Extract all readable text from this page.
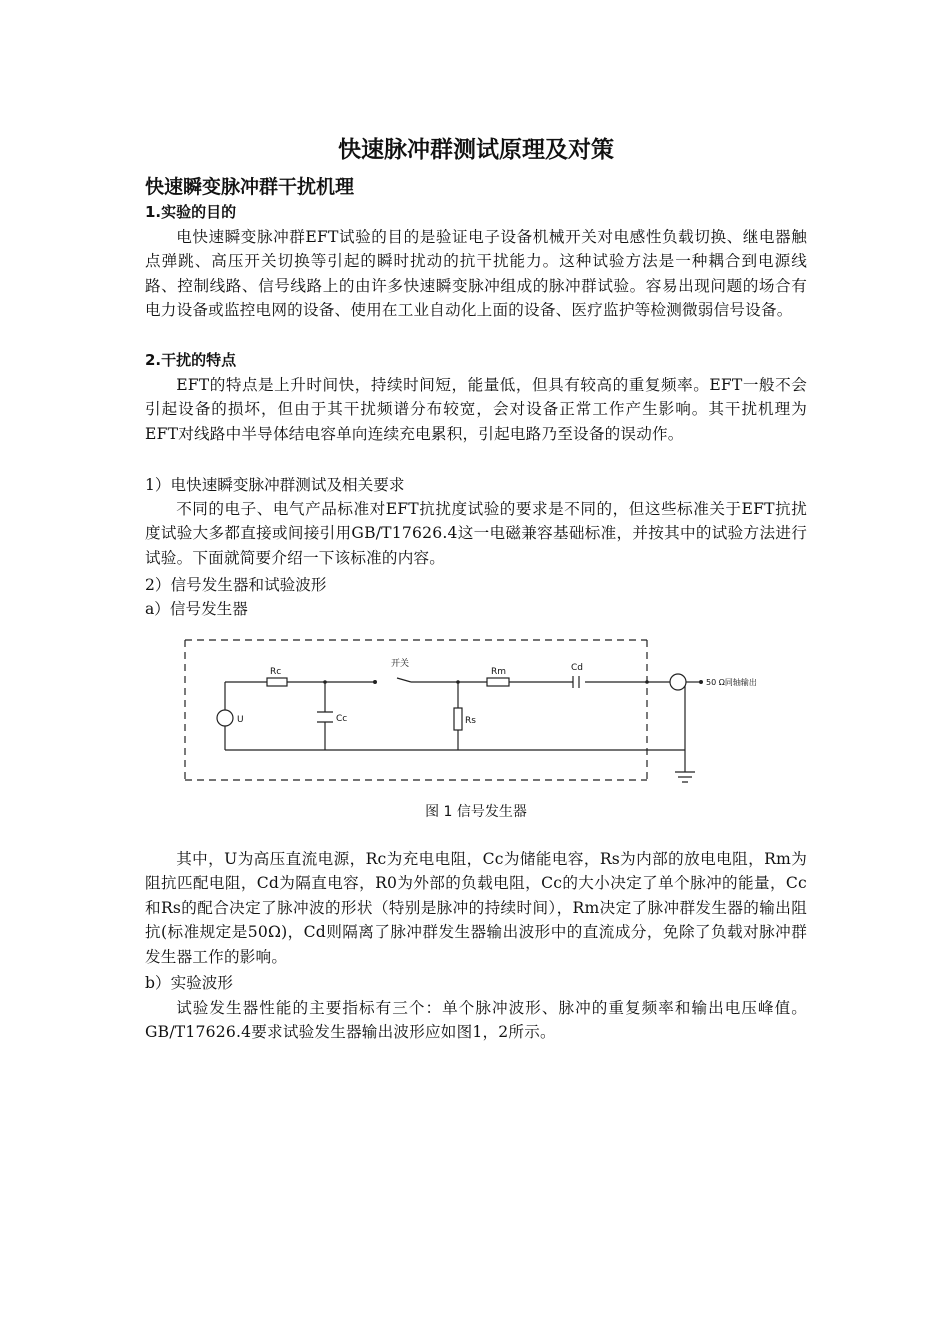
快速脉冲群测试原理及对策
快速瞬变脉冲群干扰机理
1.实验的目的

电快速瞬变脉冲群EFT试验的目的是验证电子设备机械开关对电感性负载切换、继电器触点弹跳、高压开关切换等引起的瞬时扰动的抗干扰能力。这种试验方法是一种耦合到电源线路、控制线路、信号线路上的由许多快速瞬变脉冲组成的脉冲群试验。容易出现问题的场合有电力设备或监控电网的设备、使用在工业自动化上面的设备、医疗监护等检测微弱信号设备。

2.干扰的特点

EFT的特点是上升时间快，持续时间短，能量低，但具有较高的重复频率。EFT一般不会引起设备的损坏，但由于其干扰频谱分布较宽，会对设备正常工作产生影响。其干扰机理为EFT对线路中半导体结电容单向连续充电累积，引起电路乃至设备的误动作。

1）电快速瞬变脉冲群测试及相关要求

不同的电子、电气产品标准对EFT抗扰度试验的要求是不同的，但这些标准关于EFT抗扰度试验大多都直接或间接引用GB/T17626.4这一电磁兼容基础标准，并按其中的试验方法进行试验。下面就简要介绍一下该标准的内容。

2）信号发生器和试验波形
a）信号发生器
图 1 信号发生器

其中，U为高压直流电源，Rc为充电电阻，Cc为储能电容，Rs为内部的放电电阻，Rm为阻抗匹配电阻，Cd为隔直电容，R0为外部的负载电阻，Cc的大小决定了单个脉冲的能量，Cc和Rs的配合决定了脉冲波的形状（特别是脉冲的持续时间），Rm决定了脉冲群发生器的输出阻抗(标准规定是50Ω)，Cd则隔离了脉冲群发生器输出波形中的直流成分，免除了负载对脉冲群发生器工作的影响。

b）实验波形

试验发生器性能的主要指标有三个：单个脉冲波形、脉冲的重复频率和输出电压峰值。GB/T17626.4要求试验发生器输出波形应如图1，2所示。

开关
Rc
Cc	Rs
Rm	Cd
U
50 Ω同轴输出
